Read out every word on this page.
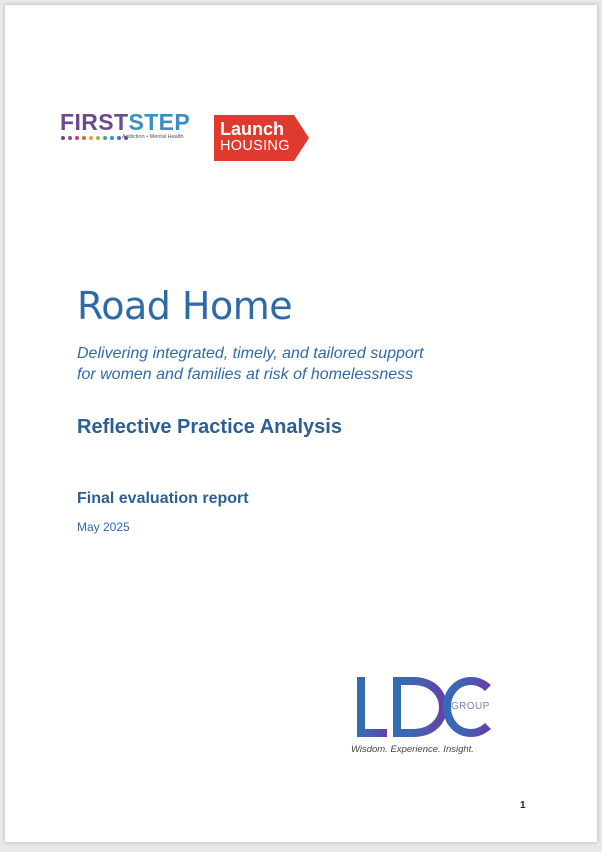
FIRSTSTEP
Addiction • Mental Health Launch
HOUSING
Road Home

Delivering integrated, timely, and tailored support
for women and families at risk of homelessness

Reflective Practice Analysis
Final evaluation report

May 2025

GROUP
Wisdom. Experience. Insight.
1
